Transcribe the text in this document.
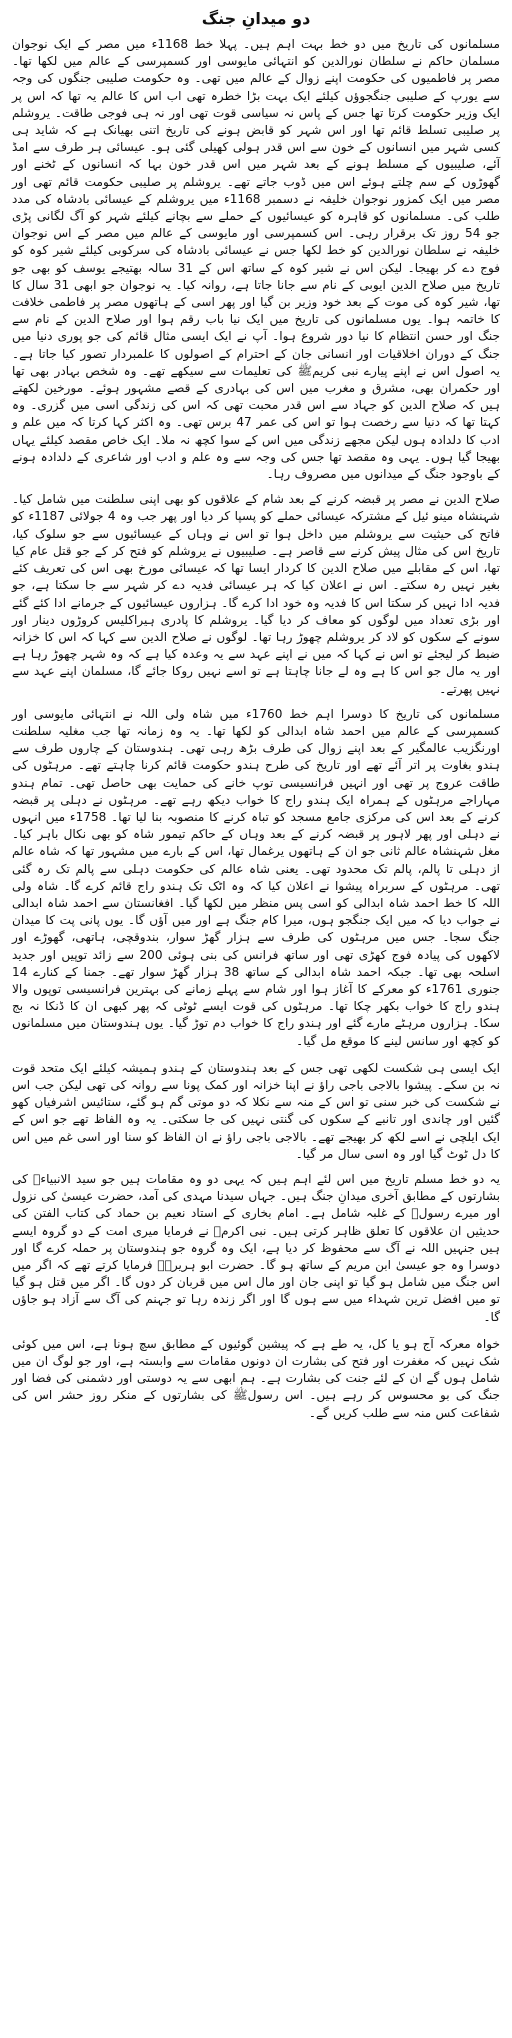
دو میدانِ جنگ

مسلمانوں کی تاریخ میں دو خط بہت اہم ہیں۔ پہلا خط 1168ء میں مصر کے ایک نوجوان مسلمان حاکم نے سلطان نورالدین کو انتہائی مایوسی اور کسمپرسی کے عالم میں لکھا تھا۔ مصر پر فاطمیوں کی حکومت اپنے زوال کے عالم میں تھی۔ وہ حکومت صلیبی جنگوں کی وجہ سے یورپ کے صلیبی جنگجوؤں کیلئے ایک بہت بڑا خطرہ تھی اب اس کا عالم یہ تھا کہ اس پر ایک وزیر حکومت کرتا تھا جس کے پاس نہ سیاسی قوت تھی اور نہ ہی فوجی طاقت۔ یروشلم پر صلیبی تسلط قائم تھا اور اس شہر کو قابض ہونے کی تاریخ اتنی بھیانک ہے کہ شاید ہی کسی شہر میں انسانوں کے خون سے اس قدر ہولی کھیلی گئی ہو۔ عیسائی ہر طرف سے امڈ آئے، صلیبیوں کے مسلط ہونے کے بعد شہر میں اس قدر خون بہا کہ انسانوں کے ٹخنے اور گھوڑوں کے سم چلتے ہوئے اس میں ڈوب جاتے تھے۔ یروشلم پر صلیبی حکومت قائم تھی اور مصر میں ایک کمزور نوجوان خلیفہ نے دسمبر 1168ء میں یروشلم کے عیسائی بادشاہ کی مدد طلب کی۔ مسلمانوں کو قاہرہ کو عیسائیوں کے حملے سے بچانے کیلئے شہر کو آگ لگانی پڑی جو 54 روز تک برقرار رہی۔ اس کسمپرسی اور مایوسی کے عالم میں مصر کے اس نوجوان خلیفہ نے سلطان نورالدین کو خط لکھا جس نے عیسائی بادشاہ کی سرکوبی کیلئے شیر کوہ کو فوج دے کر بھیجا۔ لیکن اس نے شیر کوہ کے ساتھ اس کے 31 سالہ بھتیجے یوسف کو بھی جو تاریخ میں صلاح الدین ایوبی کے نام سے جانا جاتا ہے، روانہ کیا۔ یہ نوجوان جو ابھی 31 سال کا تھا، شیر کوہ کی موت کے بعد خود وزیر بن گیا اور پھر اسی کے ہاتھوں مصر پر فاطمی خلافت کا خاتمہ ہوا۔ یوں مسلمانوں کی تاریخ میں ایک نیا باب رقم ہوا اور صلاح الدین کے نام سے جنگ اور حسن انتظام کا نیا دور شروع ہوا۔ آپ نے ایک ایسی مثال قائم کی جو پوری دنیا میں جنگ کے دوران اخلاقیات اور انسانی جان کے احترام کے اصولوں کا علمبردار تصور کیا جاتا ہے۔ یہ اصول اس نے اپنے پیارے نبی کریمﷺ کی تعلیمات سے سیکھے تھے۔ وہ شخص بہادر بھی تھا اور حکمران بھی، مشرق و مغرب میں اس کی بہادری کے قصے مشہور ہوئے۔ مورخین لکھتے ہیں کہ صلاح الدین کو جہاد سے اس قدر محبت تھی کہ اس کی زندگی اسی میں گزری۔ وہ کہتا تھا کہ دنیا سے رخصت ہوا تو اس کی عمر 47 برس تھی۔ وہ اکثر کہا کرتا کہ میں علم و ادب کا دلدادہ ہوں لیکن مجھے زندگی میں اس کے سوا کچھ نہ ملا۔ ایک خاص مقصد کیلئے یہاں بھیجا گیا ہوں۔ یہی وہ مقصد تھا جس کی وجہ سے وہ علم و ادب اور شاعری کے دلدادہ ہونے کے باوجود جنگ کے میدانوں میں مصروف رہا۔

صلاح الدین نے مصر پر قبضہ کرنے کے بعد شام کے علاقوں کو بھی اپنی سلطنت میں شامل کیا۔ شہنشاہ مینو ئیل کے مشترکہ عیسائی حملے کو پسپا کر دیا اور پھر جب وہ 4 جولائی 1187ء کو فاتح کی حیثیت سے یروشلم میں داخل ہوا تو اس نے وہاں کے عیسائیوں سے جو سلوک کیا، تاریخ اس کی مثال پیش کرنے سے قاصر ہے۔ صلیبیوں نے یروشلم کو فتح کر کے جو قتل عام کیا تھا، اس کے مقابلے میں صلاح الدین کا کردار ایسا تھا کہ عیسائی مورخ بھی اس کی تعریف کئے بغیر نہیں رہ سکتے۔ اس نے اعلان کیا کہ ہر عیسائی فدیہ دے کر شہر سے جا سکتا ہے، جو فدیہ ادا نہیں کر سکتا اس کا فدیہ وہ خود ادا کرے گا۔ ہزاروں عیسائیوں کے جرمانے ادا کئے گئے اور بڑی تعداد میں لوگوں کو معاف کر دیا گیا۔ یروشلم کا پادری ہیراکلیس کروڑوں دینار اور سونے کے سکوں کو لاد کر یروشلم چھوڑ رہا تھا۔ لوگوں نے صلاح الدین سے کہا کہ اس کا خزانہ ضبط کر لیجئے تو اس نے کہا کہ میں نے اپنے عہد سے یہ وعدہ کیا ہے کہ وہ شہر چھوڑ رہا ہے اور یہ مال جو اس کا ہے وہ لے جانا چاہتا ہے تو اسے نہیں روکا جائے گا، مسلمان اپنے عہد سے نہیں پھرتے۔

مسلمانوں کی تاریخ کا دوسرا اہم خط 1760ء میں شاہ ولی اللہ نے انتہائی مایوسی اور کسمپرسی کے عالم میں احمد شاہ ابدالی کو لکھا تھا۔ یہ وہ زمانہ تھا جب مغلیہ سلطنت اورنگزیب عالمگیر کے بعد اپنے زوال کی طرف بڑھ رہی تھی۔ ہندوستان کے چاروں طرف سے ہندو بغاوت پر اتر آئے تھے اور تاریخ کی طرح ہندو حکومت قائم کرنا چاہتے تھے۔ مرہٹوں کی طاقت عروج پر تھی اور انہیں فرانسیسی توپ خانے کی حمایت بھی حاصل تھی۔ تمام ہندو مہاراجے مرہٹوں کے ہمراہ ایک ہندو راج کا خواب دیکھ رہے تھے۔ مرہٹوں نے دہلی پر قبضہ کرنے کے بعد اس کی مرکزی جامع مسجد کو تباہ کرنے کا منصوبہ بنا لیا تھا۔ 1758ء میں انہوں نے دہلی اور پھر لاہور پر قبضہ کرنے کے بعد وہاں کے حاکم تیمور شاہ کو بھی نکال باہر کیا۔ مغل شہنشاہ عالم ثانی جو ان کے ہاتھوں یرغمال تھا، اس کے بارے میں مشہور تھا کہ شاہ عالم از دہلی تا پالم، پالم تک محدود تھی۔ یعنی شاہ عالم کی حکومت دہلی سے پالم تک رہ گئی تھی۔ مرہٹوں کے سربراہ پیشوا نے اعلان کیا کہ وہ اٹک تک ہندو راج قائم کرے گا۔ شاہ ولی اللہ کا خط احمد شاہ ابدالی کو اسی پس منظر میں لکھا گیا۔ افغانستان سے احمد شاہ ابدالی نے جواب دیا کہ میں ایک جنگجو ہوں، میرا کام جنگ ہے اور میں آؤں گا۔ یوں پانی پت کا میدان جنگ سجا۔ جس میں مرہٹوں کی طرف سے ہزار گھڑ سوار، بندوقچی، ہاتھی، گھوڑے اور لاکھوں کی پیادہ فوج کھڑی تھی اور ساتھ فرانس کی بنی ہوئی 200 سے زائد توپیں اور جدید اسلحہ بھی تھا۔ جبکہ احمد شاہ ابدالی کے ساتھ 38 ہزار گھڑ سوار تھے۔ جمنا کے کنارے 14 جنوری 1761ء کو معرکے کا آغاز ہوا اور شام سے پہلے زمانے کی بہترین فرانسیسی توپوں والا ہندو راج کا خواب بکھر چکا تھا۔ مرہٹوں کی قوت ایسے ٹوٹی کہ پھر کبھی ان کا ڈنکا نہ بج سکا۔ ہزاروں مرہٹے مارے گئے اور ہندو راج کا خواب دم توڑ گیا۔ یوں ہندوستان میں مسلمانوں کو کچھ اور سانس لینے کا موقع مل گیا۔

ایک ایسی ہی شکست لکھی تھی جس کے بعد ہندوستان کے ہندو ہمیشہ کیلئے ایک متحد قوت نہ بن سکے۔ پیشوا بالاجی باجی راؤ نے اپنا خزانہ اور کمک پونا سے روانہ کی تھی لیکن جب اس نے شکست کی خبر سنی تو اس کے منہ سے نکلا کہ دو موتی گم ہو گئے، ستائیس اشرفیاں کھو گئیں اور چاندی اور تانبے کے سکوں کی گنتی نہیں کی جا سکتی۔ یہ وہ الفاظ تھے جو اس کے ایک ایلچی نے اسے لکھ کر بھیجے تھے۔ بالاجی باجی راؤ نے ان الفاظ کو سنا اور اسی غم میں اس کا دل ٹوٹ گیا اور وہ اسی سال مر گیا۔

یہ دو خط مسلم تاریخ میں اس لئے اہم ہیں کہ یہی دو وہ مقامات ہیں جو سید الانبیاءﷺ کی بشارتوں کے مطابق آخری میدانِ جنگ ہیں۔ جہاں سیدنا مہدی کی آمد، حضرت عیسیٰ کی نزول اور میرے رسولﷺ کے غلبہ شامل ہے۔ امام بخاری کے استاد نعیم بن حماد کی کتاب الفتن کی حدیثیں ان علاقوں کا تعلق ظاہر کرتی ہیں۔ نبی اکرمﷺ نے فرمایا میری امت کے دو گروہ ایسے ہیں جنہیں اللہ نے آگ سے محفوظ کر دیا ہے، ایک وہ گروہ جو ہندوستان پر حملہ کرے گا اور دوسرا وہ جو عیسیٰ ابن مریم کے ساتھ ہو گا۔ حضرت ابو ہریرہؓ فرمایا کرتے تھے کہ اگر میں اس جنگ میں شامل ہو گیا تو اپنی جان اور مال اس میں قربان کر دوں گا۔ اگر میں قتل ہو گیا تو میں افضل ترین شہداء میں سے ہوں گا اور اگر زندہ رہا تو جہنم کی آگ سے آزاد ہو جاؤں گا۔

خواہ معرکہ آج ہو یا کل، یہ طے ہے کہ پیشین گوئیوں کے مطابق سچ ہونا ہے، اس میں کوئی شک نہیں کہ مغفرت اور فتح کی بشارت ان دونوں مقامات سے وابستہ ہے، اور جو لوگ ان میں شامل ہوں گے ان کے لئے جنت کی بشارت ہے۔ ہم ابھی سے یہ دوستی اور دشمنی کی فضا اور جنگ کی بو محسوس کر رہے ہیں۔ اس رسولﷺ کی بشارتوں کے منکر روز حشر اس کی شفاعت کس منہ سے طلب کریں گے۔
